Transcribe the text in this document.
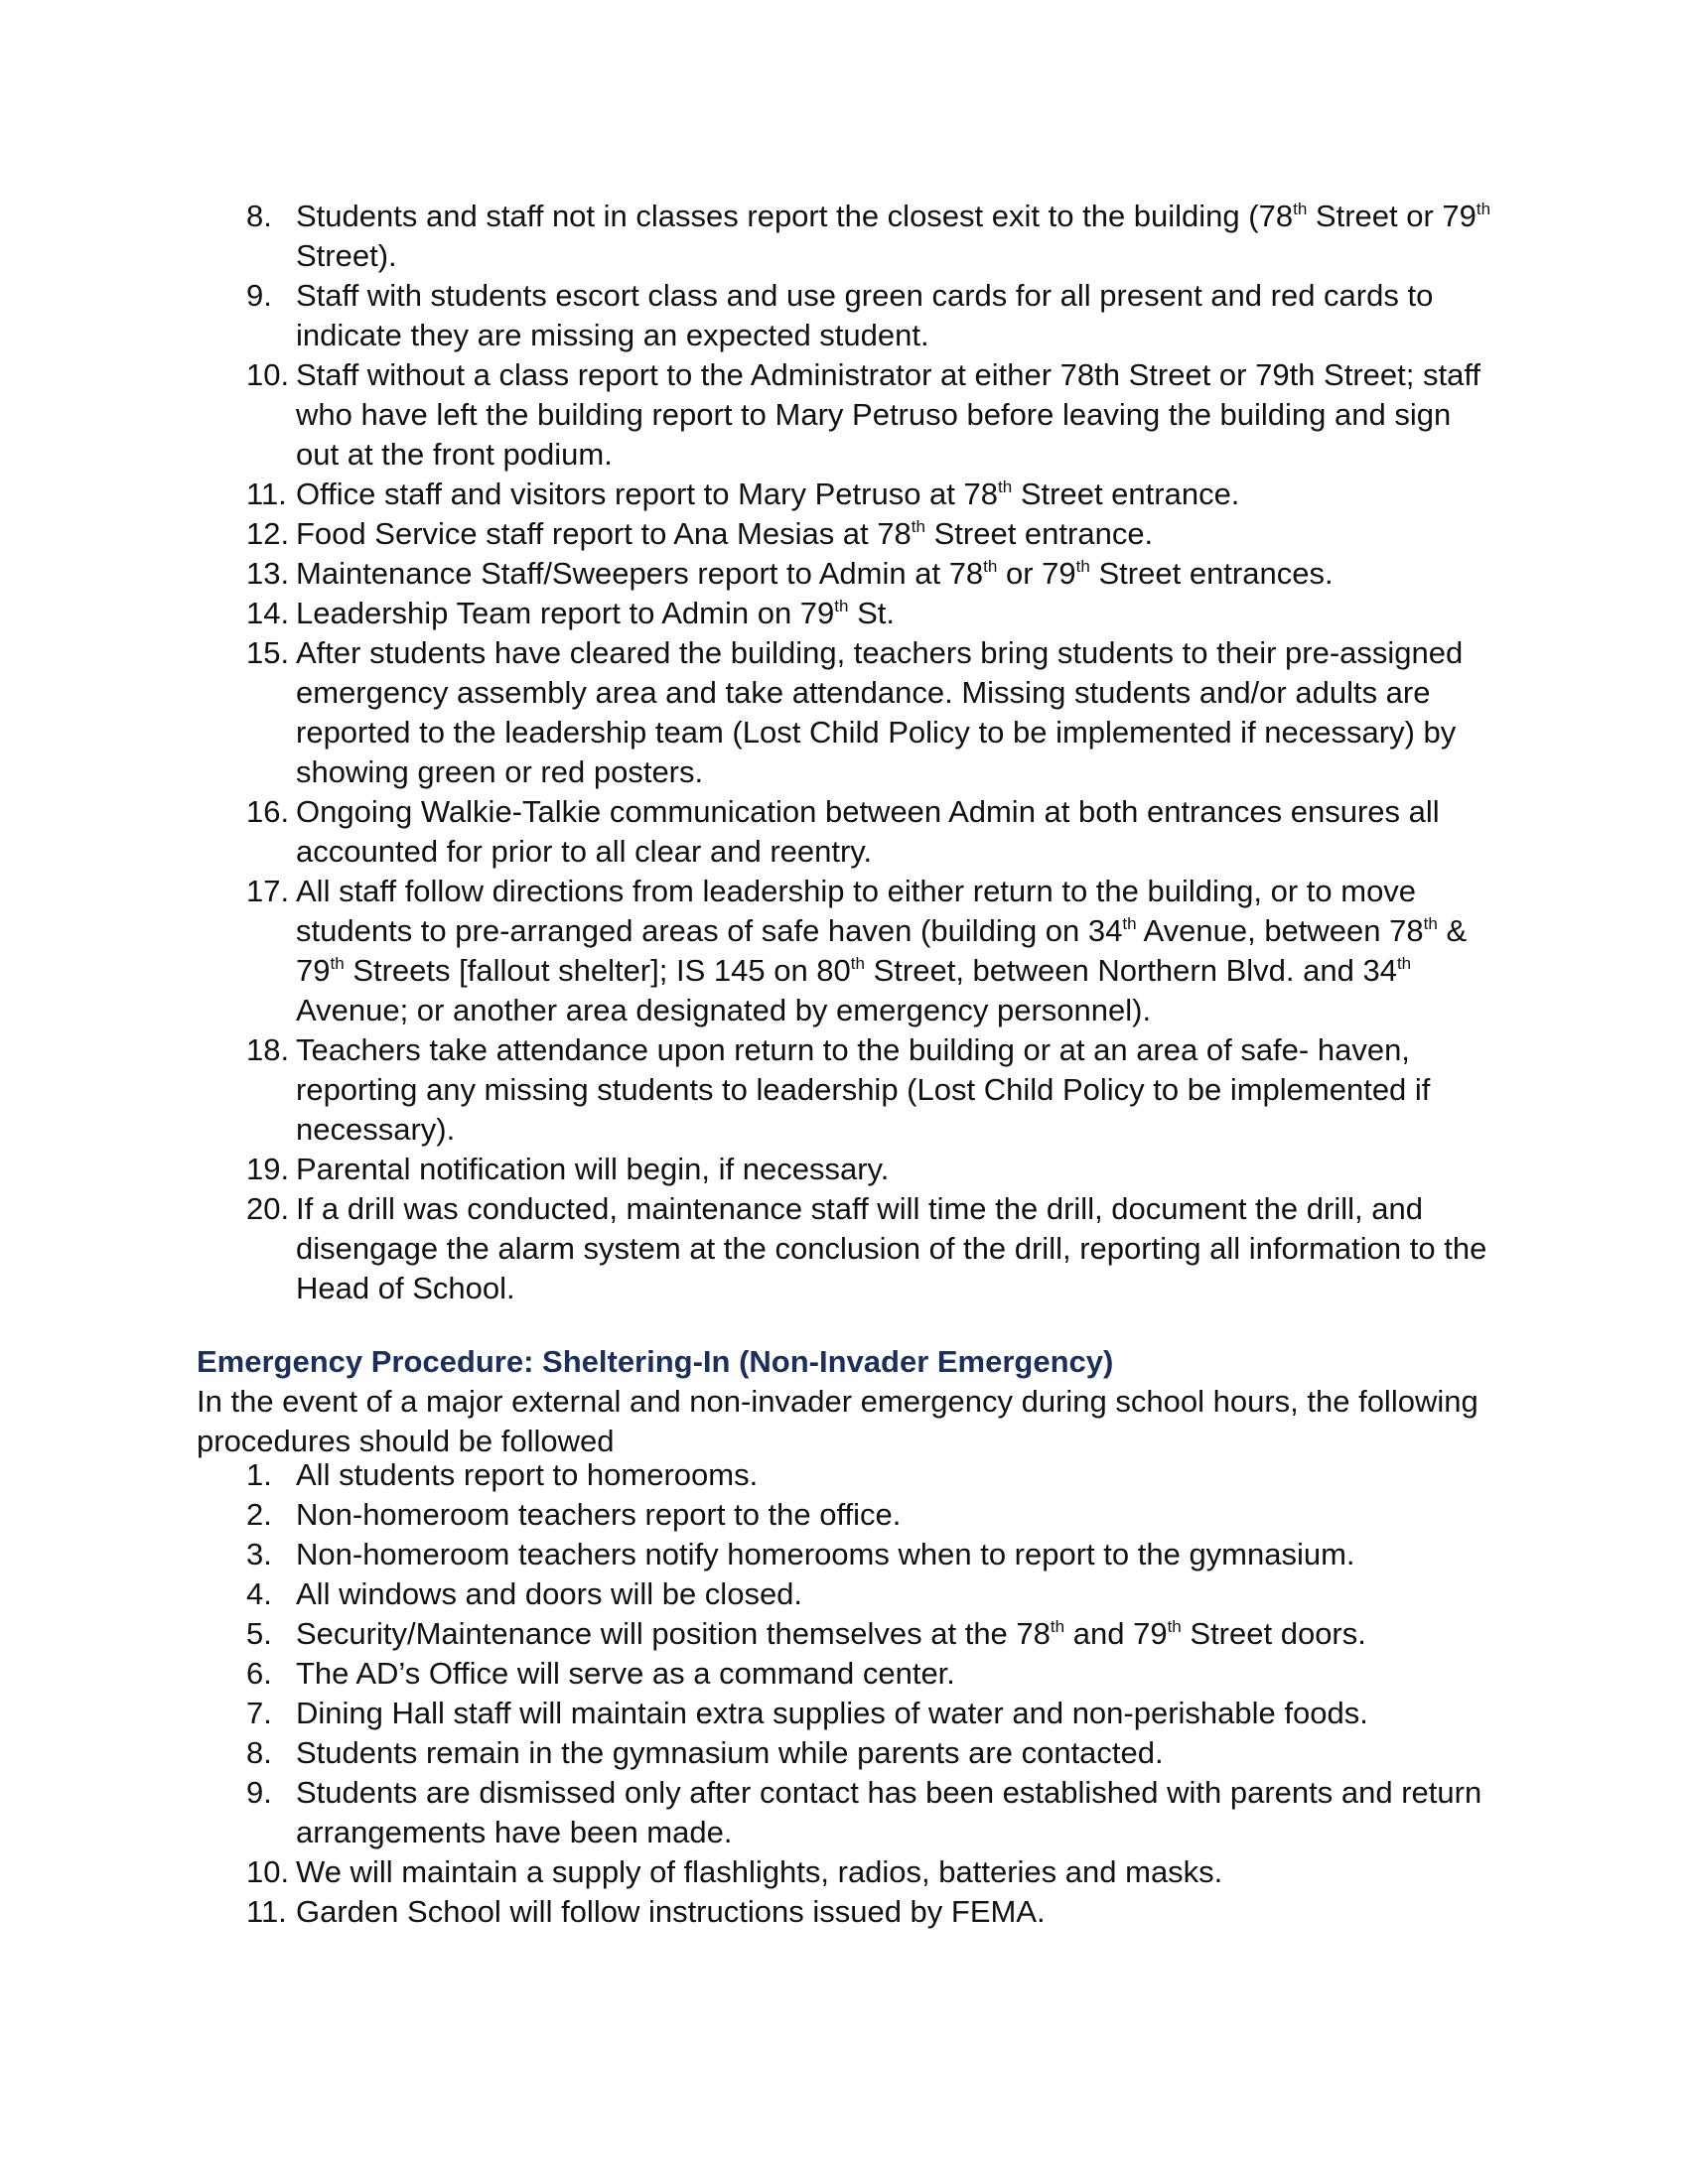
8. Students and staff not in classes report the closest exit to the building (78th Street or 79th Street).
9. Staff with students escort class and use green cards for all present and red cards to indicate they are missing an expected student.
10. Staff without a class report to the Administrator at either 78th Street or 79th Street; staff who have left the building report to Mary Petruso before leaving the building and sign out at the front podium.
11. Office staff and visitors report to Mary Petruso at 78th Street entrance.
12. Food Service staff report to Ana Mesias at 78th Street entrance.
13. Maintenance Staff/Sweepers report to Admin at 78th or 79th Street entrances.
14. Leadership Team report to Admin on 79th St.
15. After students have cleared the building, teachers bring students to their pre-assigned emergency assembly area and take attendance. Missing students and/or adults are reported to the leadership team (Lost Child Policy to be implemented if necessary) by showing green or red posters.
16. Ongoing Walkie-Talkie communication between Admin at both entrances ensures all accounted for prior to all clear and reentry.
17. All staff follow directions from leadership to either return to the building, or to move students to pre-arranged areas of safe haven (building on 34th Avenue, between 78th & 79th Streets [fallout shelter]; IS 145 on 80th Street, between Northern Blvd. and 34th Avenue; or another area designated by emergency personnel).
18. Teachers take attendance upon return to the building or at an area of safe- haven, reporting any missing students to leadership (Lost Child Policy to be implemented if necessary).
19. Parental notification will begin, if necessary.
20. If a drill was conducted, maintenance staff will time the drill, document the drill, and disengage the alarm system at the conclusion of the drill, reporting all information to the Head of School.

Emergency Procedure: Sheltering-In (Non-Invader Emergency)

In the event of a major external and non-invader emergency during school hours, the following procedures should be followed

1. All students report to homerooms.
2. Non-homeroom teachers report to the office.
3. Non-homeroom teachers notify homerooms when to report to the gymnasium.
4. All windows and doors will be closed.
5. Security/Maintenance will position themselves at the 78th and 79th Street doors.
6. The AD’s Office will serve as a command center.
7. Dining Hall staff will maintain extra supplies of water and non-perishable foods.
8. Students remain in the gymnasium while parents are contacted.
9. Students are dismissed only after contact has been established with parents and return arrangements have been made.
10. We will maintain a supply of flashlights, radios, batteries and masks.
11. Garden School will follow instructions issued by FEMA.
